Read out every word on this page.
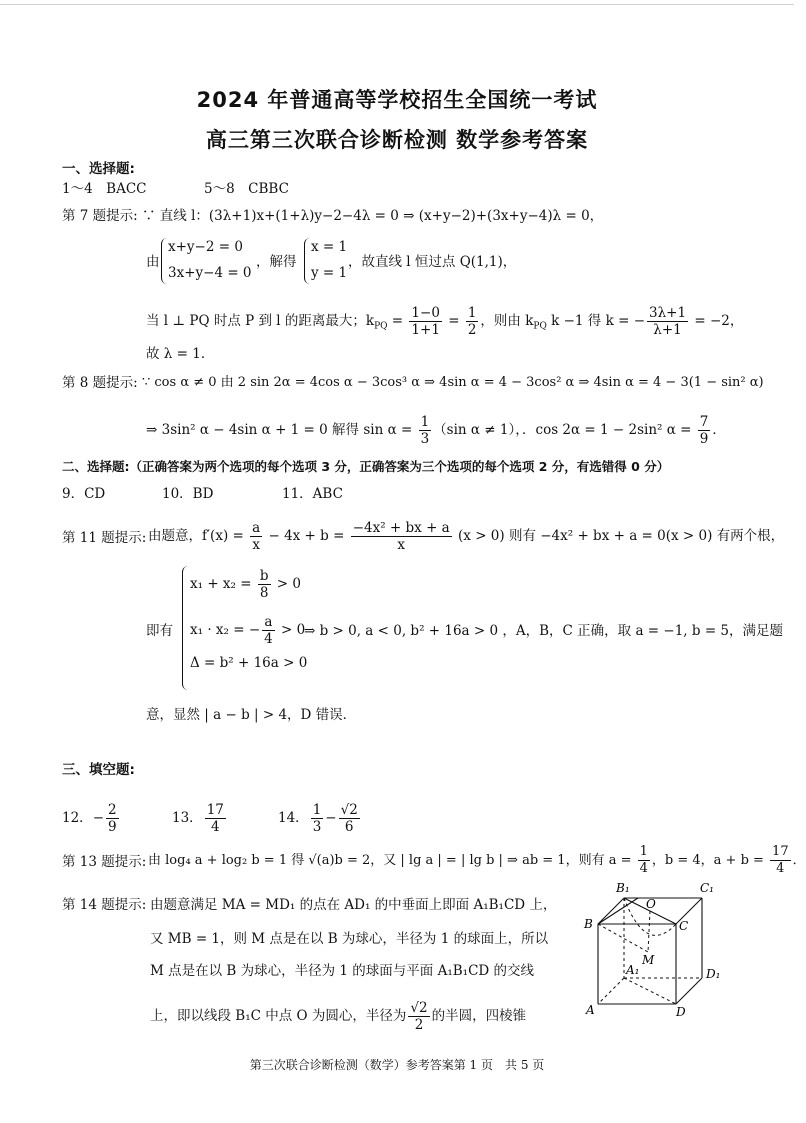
2024 年普通高等学校招生全国统一考试
高三第三次联合诊断检测 数学参考答案
一、选择题:
1～4　BACC	5～8　CBBC
第 7 题提示: ∵ 直线 l：(3λ+1)x+(1+λ)y−2−4λ = 0 ⇒ (x+y−2)+(3x+y−4)λ = 0，
由
x+y−2 = 0
3x+y−4 = 0
，解得
x = 1
y = 1
，故直线 l 恒过点 Q(1,1)，
当 l ⊥ PQ 时点 P 到 l 的距离最大；$k_{PQ} = \frac{1-0}{1+1} = \frac{1}{2}$ ，则由 $k_{PQ}$ k −1 得 k = − $\frac{3\lambda+1}{\lambda+1} = -2$，
故 λ = 1．
第 8 题提示: ∵ cos α ≠ 0 由 2 sin 2α = 4cos α − 3cos³ α ⇒ 4sin α = 4 − 3cos² α ⇒ 4sin α = 4 − 3(1 − sin² α)
⇒ 3sin² α − 4sin α + 1 = 0 解得 $\sin \alpha = \frac{1}{3} (\sin$ α ≠ 1），．cos 2α = 1 − 2sin² $\alpha = \frac{7}{9}$ ．
二、选择题:（正确答案为两个选项的每个选项 3 分，正确答案为三个选项的每个选项 2 分，有选错得 0 分）
9．CD	10．BD	11．ABC
第 11 题提示: 由题意，$f'(x) = \frac{a}{x} - 4x + b = \frac{\text{−4x² + bx + a}}{x} (x > 0)$ 则有 −4x² + bx + a = 0(x > 0) 有两个根，
即有
$x_1 + x_2 = \frac{b}{8} > 0$
x₁ · x₂ = − $\frac{a}{4} > 0$
Δ = b² + 16a > 0
⇒ b > 0, a < 0, b² + 16a > 0 ，A，B，C 正确，取 a = −1, b = 5，满足题
意，显然 | a − b | > 4，D 错误．
三、填空题:
12．− $\frac{2}{9}$	13． $\frac{17}{4}$	14． $\frac{1}{3} - \frac{√2}{6}$
第 13 题提示: 由 log₄ a + log₂ b = 1 得 √(a)b = 2，又 | lg a | = | lg b | ⇒ ab = 1，则有 $a = \frac{1}{4}$ ，b = 4，$a + b = \frac{17}{4}$ ．
第 14 题提示: 由题意满足 MA = MD₁ 的点在 AD₁ 的中垂面上即面 A₁B₁CD 上，
又 MB = 1，则 M 点是在以 B 为球心，半径为 1 的球面上，所以
M 点是在以 B 为球心，半径为 1 的球面与平面 A₁B₁CD 的交线
上，即以线段 B₁C 中点 O 为圆心，半径为 $\frac{√2}{2}$ 的半圆，四棱锥
B₁	C₁
B
O
C
M
A₁	D₁
A	D
第三次联合诊断检测（数学）参考答案第 1 页　共 5 页
